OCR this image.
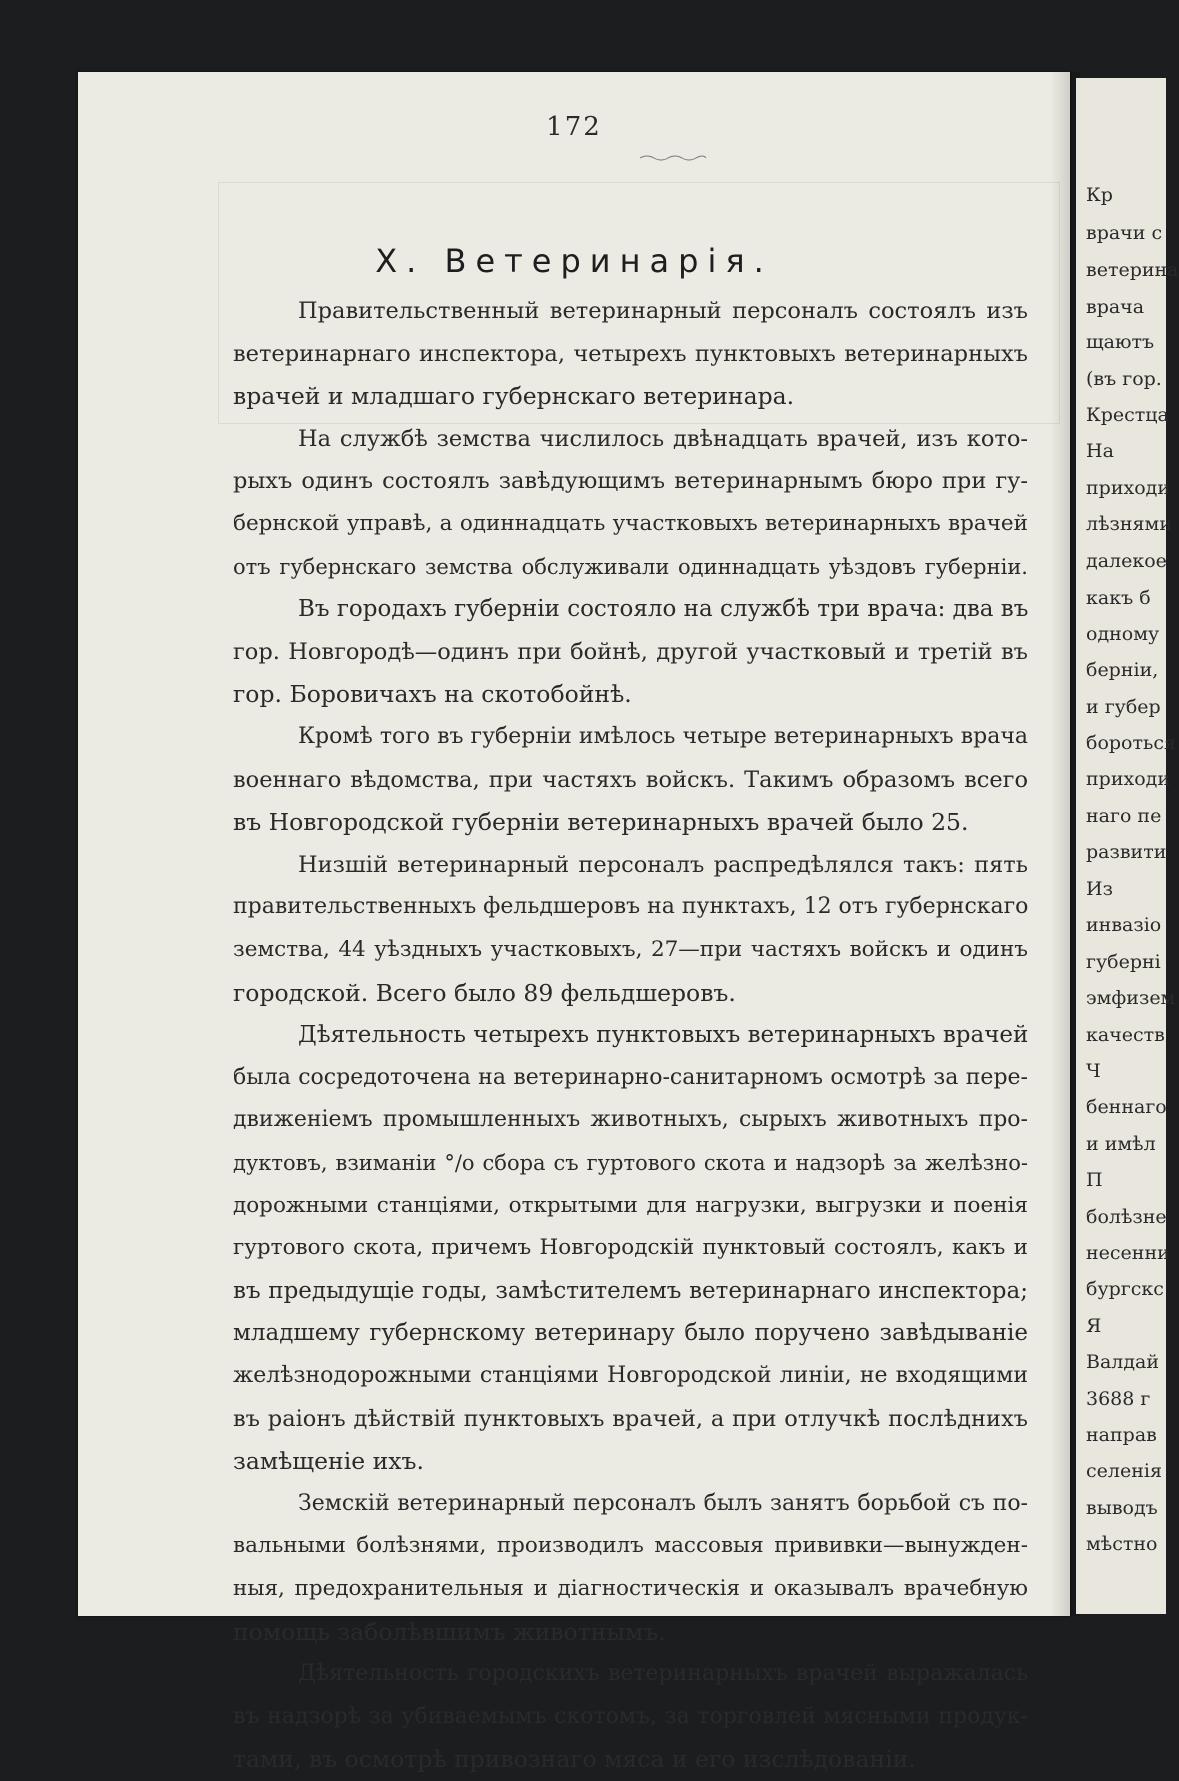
172
X. Ветеринарія.
Правительственный ветеринарный персоналъ состоялъ изъ
ветеринарнаго инспектора, четырехъ пунктовыхъ ветеринарныхъ
врачей и младшаго губернскаго ветеринара.
На службѣ земства числилось двѣнадцать врачей, изъ кото-
рыхъ одинъ состоялъ завѣдующимъ ветеринарнымъ бюро при гу-
бернской управѣ, а одиннадцать участковыхъ ветеринарныхъ врачей
отъ губернскаго земства обслуживали одиннадцать уѣздовъ губерніи.
Въ городахъ губерніи состояло на службѣ три врача: два въ
гор. Новгородѣ—одинъ при бойнѣ, другой участковый и третій въ
гор. Боровичахъ на скотобойнѣ.
Кромѣ того въ губерніи имѣлось четыре ветеринарныхъ врача
военнаго вѣдомства, при частяхъ войскъ. Такимъ образомъ всего
въ Новгородской губерніи ветеринарныхъ врачей было 25.
Низшій ветеринарный персоналъ распредѣлялся такъ: пять
правительственныхъ фельдшеровъ на пунктахъ, 12 отъ губернскаго
земства, 44 уѣздныхъ участковыхъ, 27—при частяхъ войскъ и одинъ
городской. Всего было 89 фельдшеровъ.
Дѣятельность четырехъ пунктовыхъ ветеринарныхъ врачей
была сосредоточена на ветеринарно-санитарномъ осмотрѣ за пере-
движеніемъ промышленныхъ животныхъ, сырыхъ животныхъ про-
дуктовъ, взиманіи °/о сбора съ гуртового скота и надзорѣ за желѣзно-
дорожными станціями, открытыми для нагрузки, выгрузки и поенія
гуртового скота, причемъ Новгородскій пунктовый состоялъ, какъ и
въ предыдущіе годы, замѣстителемъ ветеринарнаго инспектора;
младшему губернскому ветеринару было поручено завѣдываніе
желѣзнодорожными станціями Новгородской линіи, не входящими
въ раіонъ дѣйствій пунктовыхъ врачей, а при отлучкѣ послѣднихъ
замѣщеніе ихъ.
Земскій ветеринарный персоналъ былъ занятъ борьбой съ по-
вальными болѣзнями, производилъ массовыя прививки—вынужден-
ныя, предохранительныя и діагностическія и оказывалъ врачебную
помощь заболѣвшимъ животнымъ.
Дѣятельность городскихъ ветеринарныхъ врачей выражалась
въ надзорѣ за убиваемымъ скотомъ, за торговлей мясными продук-
тами, въ осмотрѣ привознаго мяса и его изслѣдованіи.
Кр
врачи с
ветерина
врача
щаютъ
(въ гор.
Крестца
На
приходи
лѣзнями
далекое
какъ б
одному
берніи,
и губер
бороться
приходи
наго пе
развити
Из
инвазіо
губерні
эмфизем
качеств
Ч
беннаго
и имѣл
П
болѣзне
несенни
бургскс
Я
Валдай
3688 г
направ
селенія
выводъ
мѣстно
